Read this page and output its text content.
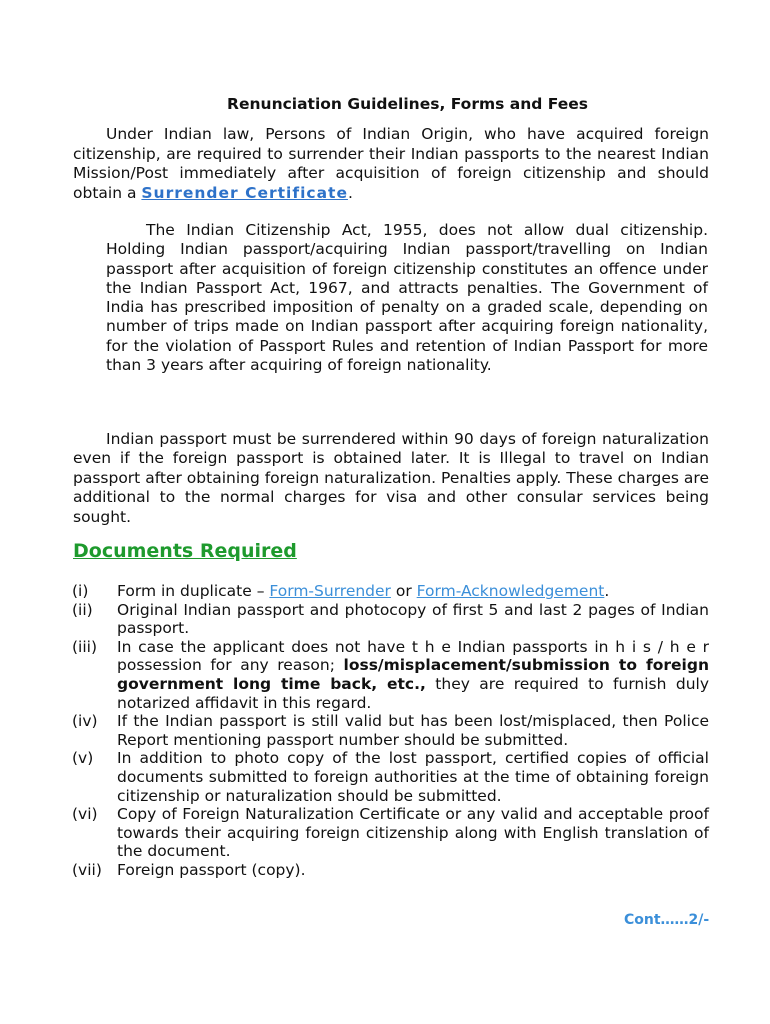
Renunciation Guidelines, Forms and Fees

Under Indian law, Persons of Indian Origin, who have acquired foreign citizenship, are required to surrender their Indian passports to the nearest Indian Mission/Post immediately after acquisition of foreign citizenship and should obtain a Surrender Certificate.

The Indian Citizenship Act, 1955, does not allow dual citizenship. Holding Indian passport/acquiring Indian passport/travelling on Indian passport after acquisition of foreign citizenship constitutes an offence under the Indian Passport Act, 1967, and attracts penalties. The Government of India has prescribed imposition of penalty on a graded scale, depending on number of trips made on Indian passport after acquiring foreign nationality, for the violation of Passport Rules and retention of Indian Passport for more than 3 years after acquiring of foreign nationality.

Indian passport must be surrendered within 90 days of foreign naturalization even if the foreign passport is obtained later. It is Illegal to travel on Indian passport after obtaining foreign naturalization. Penalties apply. These charges are additional to the normal charges for visa and other consular services being sought.

Documents Required
(i) Form in duplicate – Form-Surrender or Form-Acknowledgement.
(ii) Original Indian passport and photocopy of first 5 and last 2 pages of Indian passport.
(iii) In case the applicant does not have t h e Indian passports in h i s / h e r possession for any reason; loss/misplacement/submission to foreign government long time back, etc., they are required to furnish duly notarized affidavit in this regard.
(iv) If the Indian passport is still valid but has been lost/misplaced, then Police Report mentioning passport number should be submitted.
(v) In addition to photo copy of the lost passport, certified copies of official documents submitted to foreign authorities at the time of obtaining foreign citizenship or naturalization should be submitted.
(vi) Copy of Foreign Naturalization Certificate or any valid and acceptable proof towards their acquiring foreign citizenship along with English translation of the document.
(vii) Foreign passport (copy).
Cont……2/-
